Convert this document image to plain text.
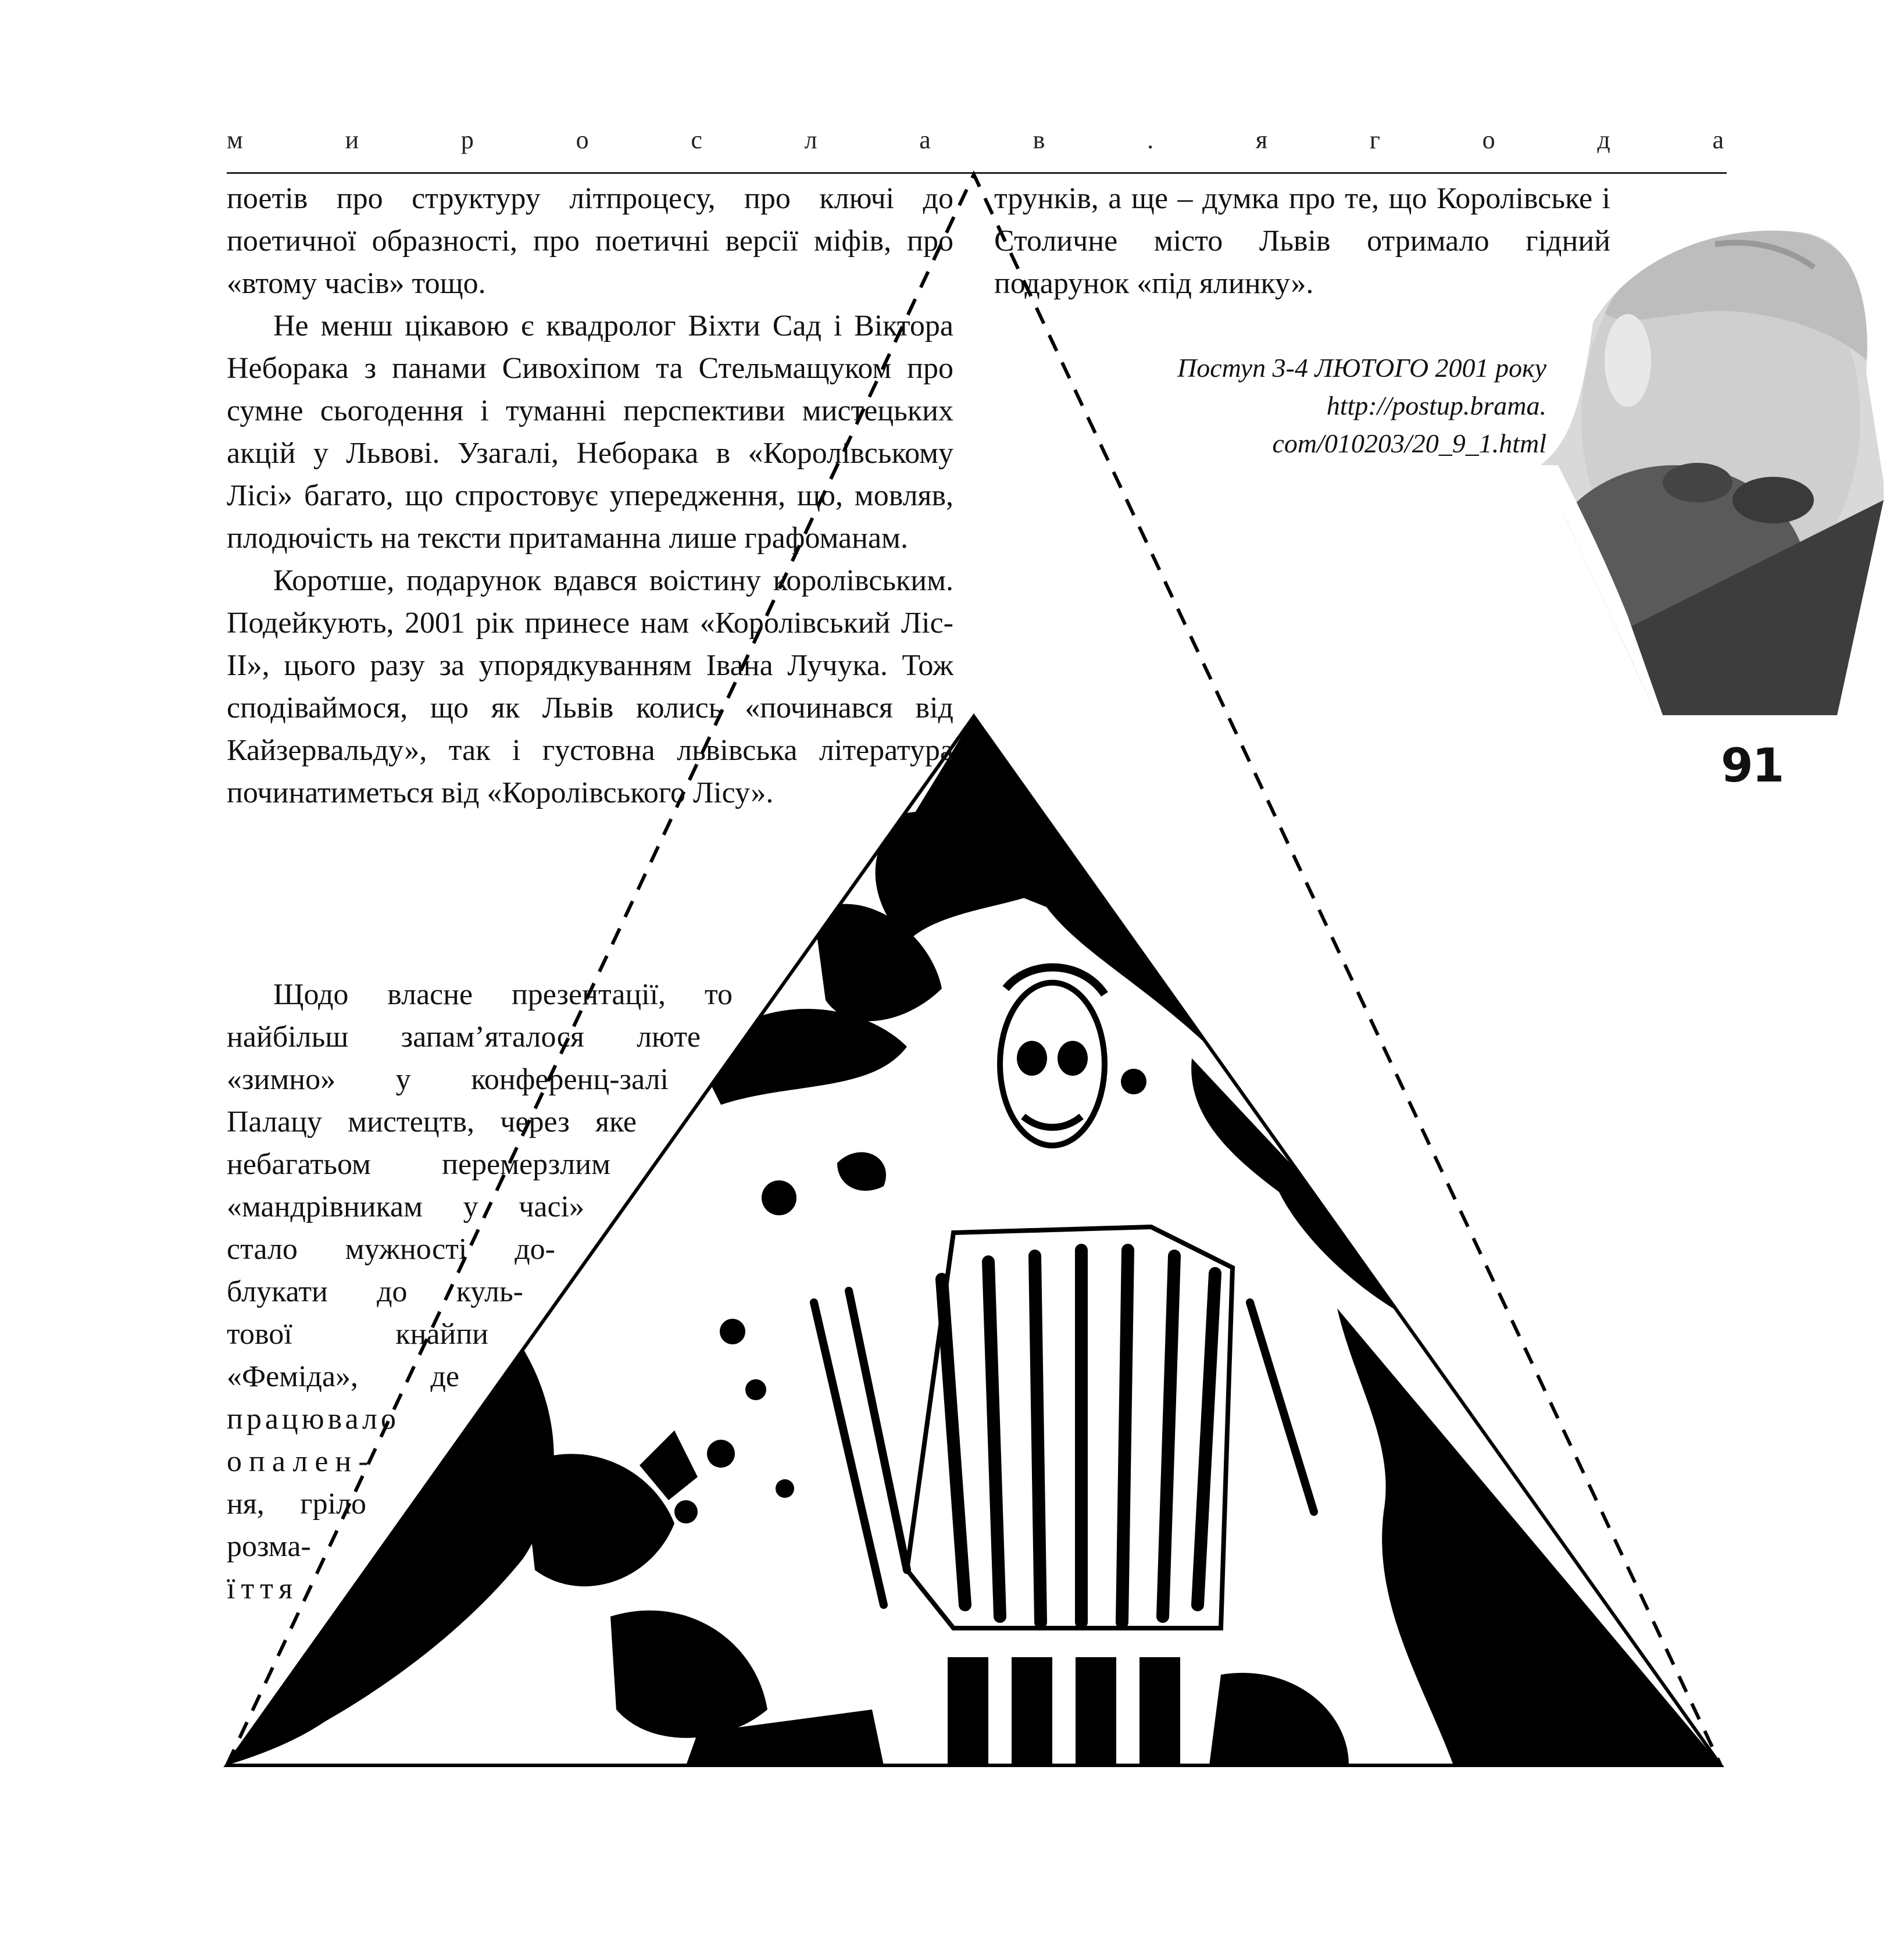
м	и	р	о	с	л	а	в	.	я	г	о	д	а

поетів про структуру літпроцесу, про ключі до поетичної образності, про поетичні версії міфів, про «втому часів» тощо.

Не менш цікавою є квадролог Віхти Сад і Віктора Неборака з панами Сивохіпом та Стельмащуком про сумне сьогодення і туманні перспективи мистецьких акцій у Львові. Узагалі, Неборака в «Королівському Лісі» багато, що спростовує упередження, що, мовляв, плодючість на тексти притаманна лише графоманам.

Коротше, подарунок вдався воістину королівським. Подейкують, 2001 рік принесе нам «Королівський Ліс-ІІ», цього разу за упорядкуванням Івана Лучука. Тож сподіваймося, що як Львів колись «починався від Кайзервальду», так і густовна львівська література починатиметься від «Королівського Лісу».

Щодо власне презентації, то
найбільш запам’яталося люте
«зимно» у конференц-залі
Палацу мистецтв, через яке
небагатьом перемерзлим
«мандрівникам у часі»
стало мужності до-
блукати до куль-
тової кнайпи
«Феміда», де
працювало
опален-
ня, гріло
розма-
їття

трунків, а ще – думка про те, що Королівське і Столичне місто Львів отримало гідний подарунок «під ялинку».

Поступ 3-4 ЛЮТОГО 2001 року
http://postup.brama.
com/010203/20_9_1.html
91
